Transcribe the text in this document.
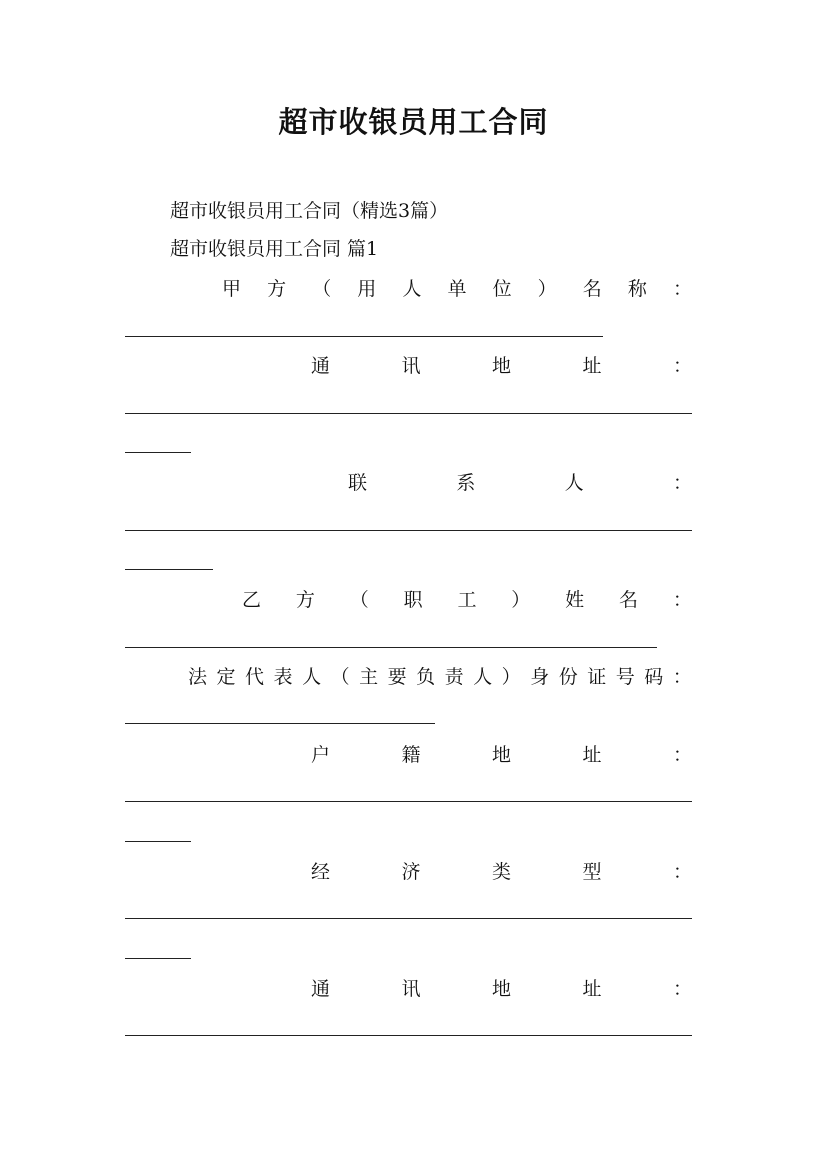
超市收银员用工合同
超市收银员用工合同（精选3篇）
超市收银员用工合同 篇1
甲 方 （ 用 人 单 位 ） 名 称 ：
通	讯	地	址	：
联	系	人	：
乙 方 （ 职 工 ） 姓 名 ：
法 定 代 表 人 （ 主 要 负 责 人 ） 身 份 证 号 码 ：
户	籍	地	址	：
经	济	类	型	：
通	讯	地	址	：
